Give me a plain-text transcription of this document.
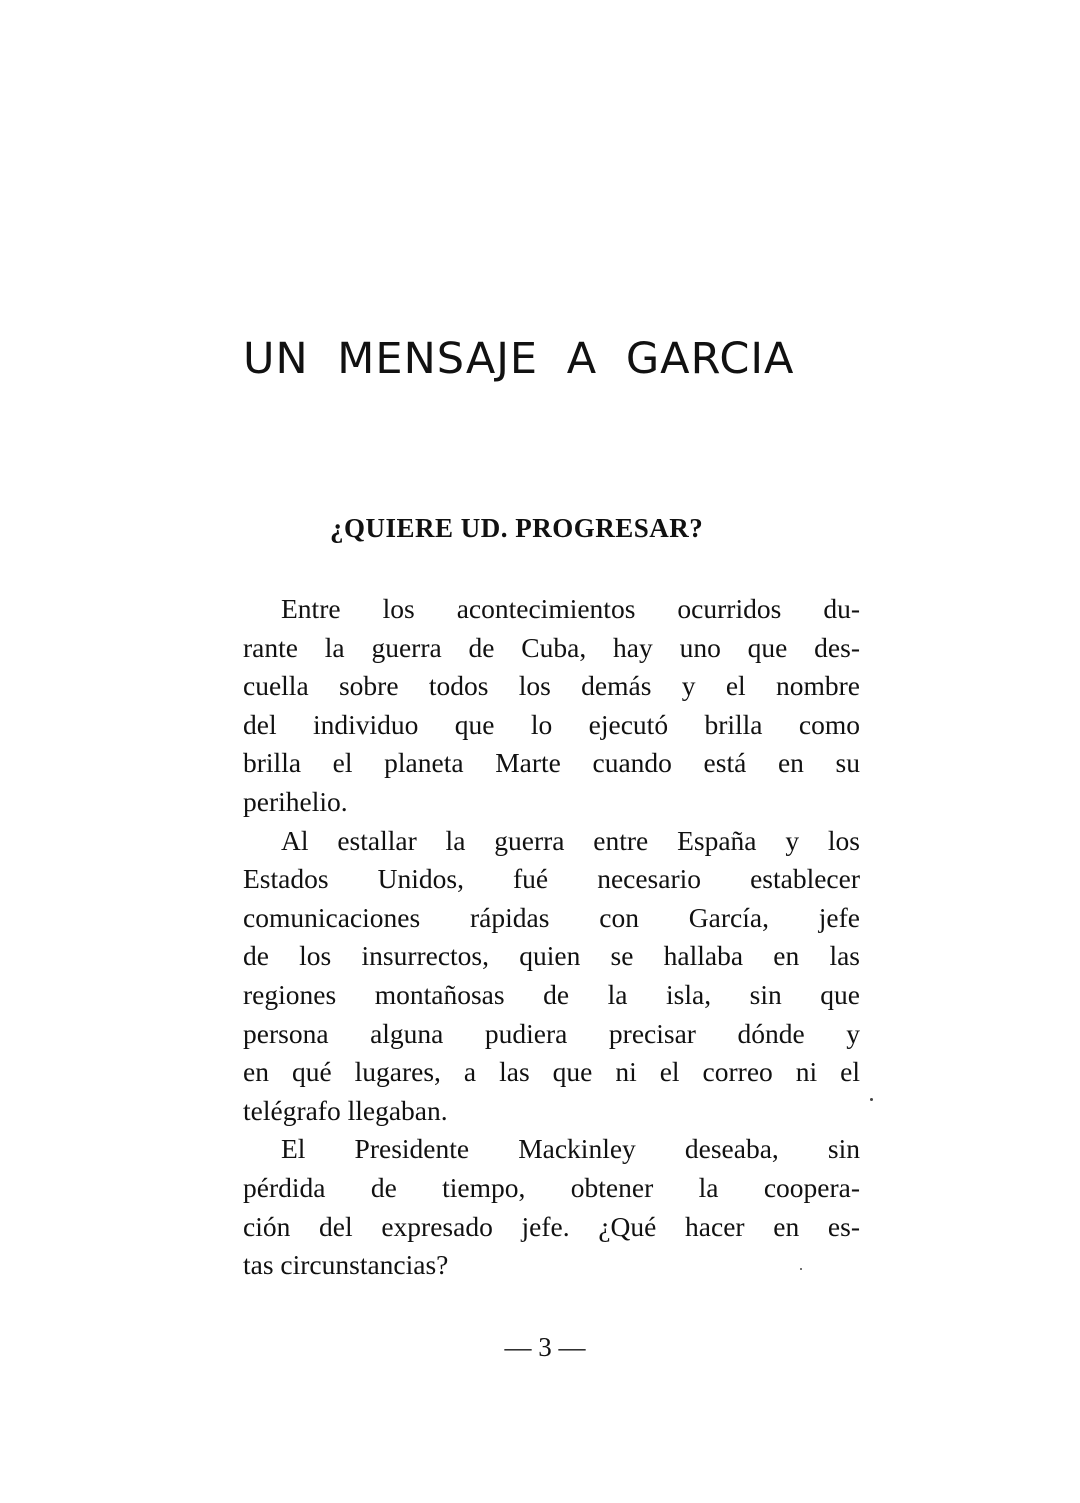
UN MENSAJE A GARCIA
¿QUIERE UD. PROGRESAR?
Entre los acontecimientos ocurridos du-
rante la guerra de Cuba, hay uno que des-
cuella sobre todos los demás y el nombre
del individuo que lo ejecutó brilla como
brilla el planeta Marte cuando está en su
perihelio.
Al estallar la guerra entre España y los
Estados Unidos, fué necesario establecer
comunicaciones rápidas con García, jefe
de los insurrectos, quien se hallaba en las
regiones montañosas de la isla, sin que
persona alguna pudiera precisar dónde y
en qué lugares, a las que ni el correo ni el
telégrafo llegaban.
El Presidente Mackinley deseaba, sin
pérdida de tiempo, obtener la coopera-
ción del expresado jefe. ¿Qué hacer en es-
tas circunstancias?
— 3 —
